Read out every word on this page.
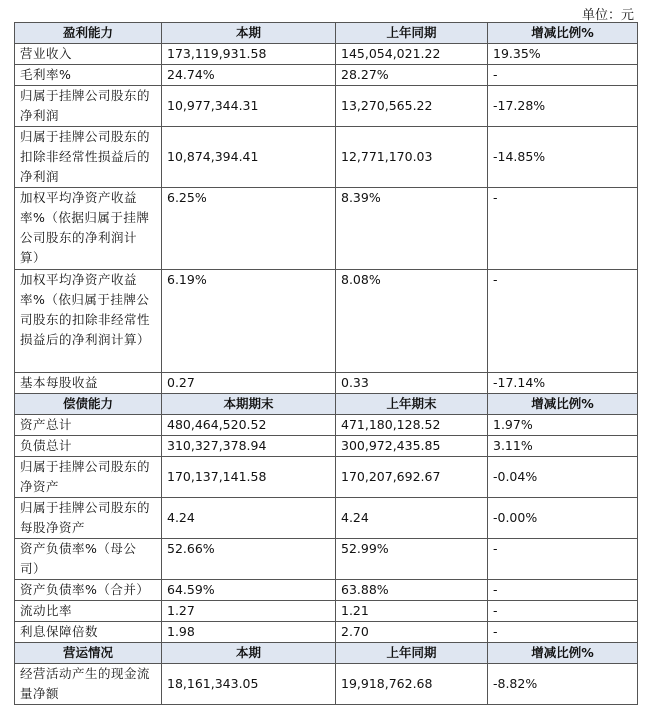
单位：元
盈利能力	本期	上年同期	增减比例%
营业收入	173,119,931.58	145,054,021.22	19.35%
毛利率%	24.74%	28.27%	-
归属于挂牌公司股东的净利润	10,977,344.31	13,270,565.22	-17.28%
归属于挂牌公司股东的扣除非经常性损益后的净利润	10,874,394.41	12,771,170.03	-14.85%
加权平均净资产收益率%（依据归属于挂牌公司股东的净利润计算）	6.25%	8.39%	-
加权平均净资产收益率%（依归属于挂牌公司股东的扣除非经常性损益后的净利润计算）	6.19%	8.08%	-
基本每股收益	0.27	0.33	-17.14%
偿债能力	本期期末	上年期末	增减比例%
资产总计	480,464,520.52	471,180,128.52	1.97%
负债总计	310,327,378.94	300,972,435.85	3.11%
归属于挂牌公司股东的净资产	170,137,141.58	170,207,692.67	-0.04%
归属于挂牌公司股东的每股净资产	4.24	4.24	-0.00%
资产负债率%（母公司）	52.66%	52.99%	-
资产负债率%（合并）	64.59%	63.88%	-
流动比率	1.27	1.21	-
利息保障倍数	1.98	2.70	-
营运情况	本期	上年同期	增减比例%
经营活动产生的现金流量净额	18,161,343.05	19,918,762.68	-8.82%
